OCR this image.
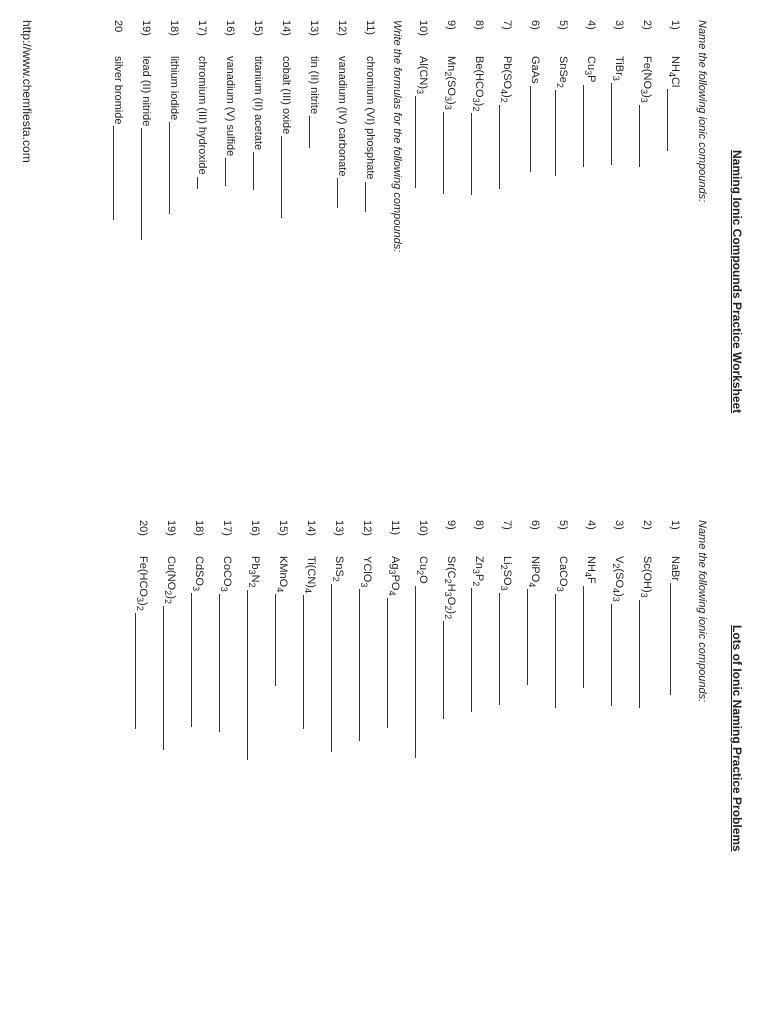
Naming Ionic Compounds Practice Worksheet
Name the following ionic compounds:
1)
$NH_4Cl$
2)
$Fe(NO_3)_3$
3)
TiBr$_3$
4)
$Cu_3P$
5)
SnSe$_2$
6)
GaAs
7)
$Pb(SO_4)_2$
8)
$Be(HCO_3)_2$
9)
$Mn_2(SO_3)_3$
10)
$Al(CN)_3$
Write the formulas for the following compounds:
11)
chromium (VI) phosphate
12)
vanadium (IV) carbonate
13)
tin (II) nitrite
14)
cobalt (III) oxide
15)
titanium (II) acetate
16)
vanadium (V) sulfide
17)
chromium (III) hydroxide
18)
lithium iodide
19)
lead (II) nitride
20
silver bromide
http://www.chemfiesta.com
Lots of Ionic Naming Practice Problems
Name the following ionic compounds:
1)
NaBr
2)
$Sc(OH)_3$
3)
$V_2(SO_4)_3$
4)
$NH_4F$
5)
CaCO$_3$
6)
NiPO$_4$
7)
$Li_2SO_3$
8)
$Zn_3P_2$
9)
$Sr(C_2H_3O_2)_2$
10)
$Cu_2O$
11)
$Ag_3PO_4$
12)
YClO$_3$
13)
SnS$_2$
14)
$Ti(CN)_4$
15)
KMnO$_4$
16)
$Pb_3N_2$
17)
CoCO$_3$
18)
CdSO$_3$
19)
$Cu(NO_2)_2$
20)
$Fe(HCO_3)_2$
